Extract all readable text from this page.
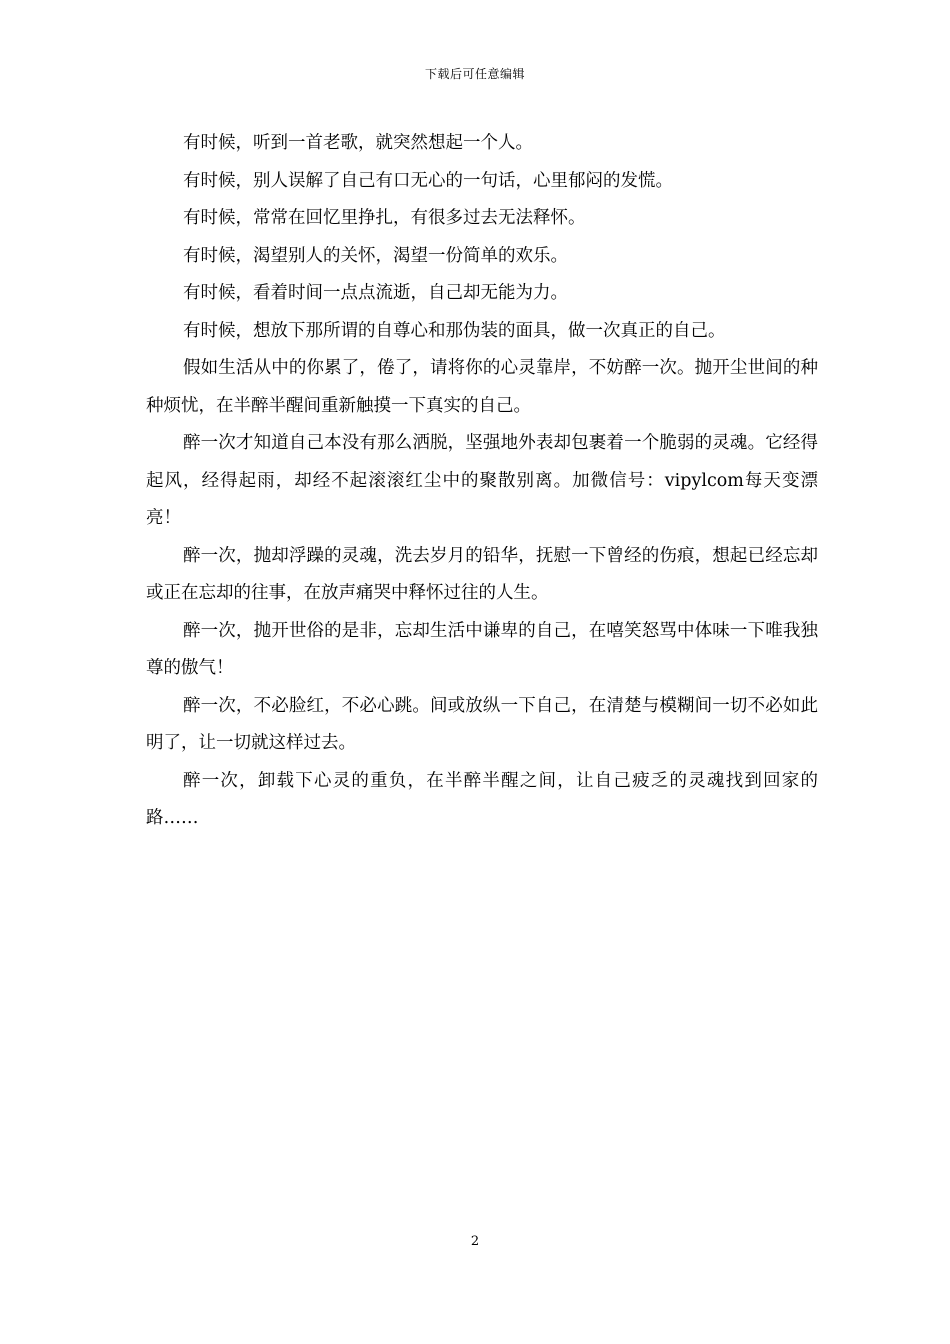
下载后可任意编辑

有时候，听到一首老歌，就突然想起一个人。

有时候，别人误解了自己有口无心的一句话，心里郁闷的发慌。

有时候，常常在回忆里挣扎，有很多过去无法释怀。

有时候，渴望别人的关怀，渴望一份简单的欢乐。

有时候，看着时间一点点流逝，自己却无能为力。

有时候，想放下那所谓的自尊心和那伪装的面具，做一次真正的自己。

假如生活从中的你累了，倦了，请将你的心灵靠岸，不妨醉一次。抛开尘世间的种种烦忧，在半醉半醒间重新触摸一下真实的自己。

醉一次才知道自己本没有那么洒脱，坚强地外表却包裹着一个脆弱的灵魂。它经得起风，经得起雨，却经不起滚滚红尘中的聚散别离。加微信号：vipylcom每天变漂亮！

醉一次，抛却浮躁的灵魂，洗去岁月的铅华，抚慰一下曾经的伤痕，想起已经忘却或正在忘却的往事，在放声痛哭中释怀过往的人生。

醉一次，抛开世俗的是非，忘却生活中谦卑的自己，在嘻笑怒骂中体味一下唯我独尊的傲气！

醉一次，不必脸红，不必心跳。间或放纵一下自己，在清楚与模糊间一切不必如此明了，让一切就这样过去。

醉一次，卸载下心灵的重负，在半醉半醒之间，让自己疲乏的灵魂找到回家的路……

2
